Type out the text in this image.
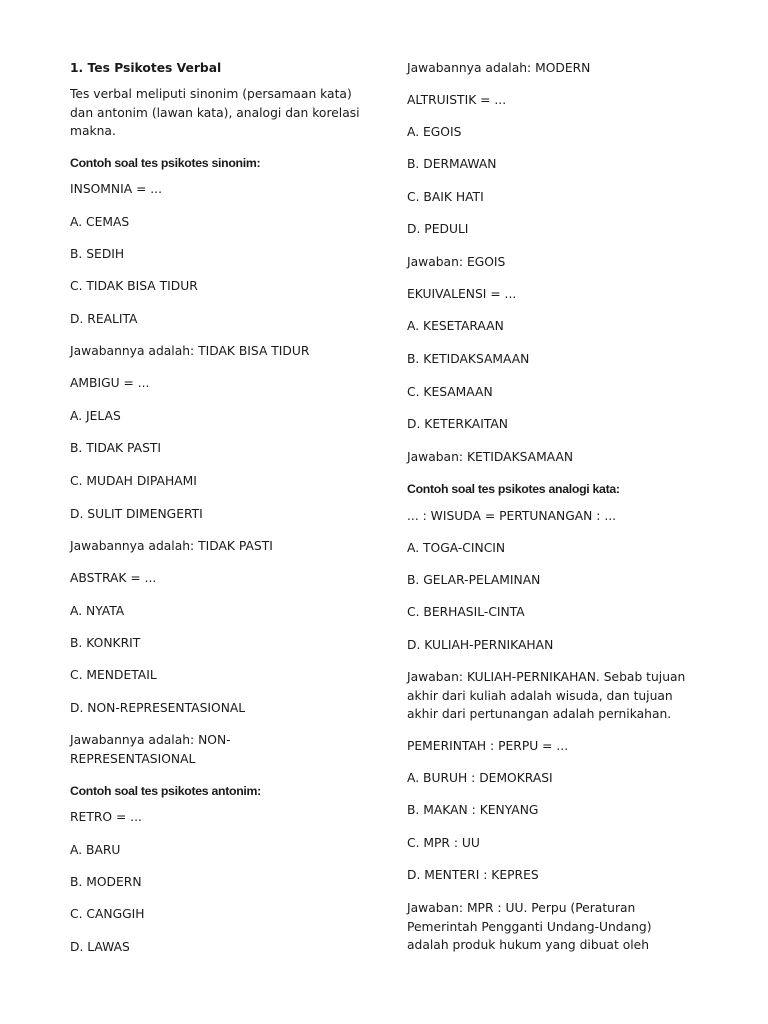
1. Tes Psikotes Verbal
Tes verbal meliputi sinonim (persamaan kata) dan antonim (lawan kata), analogi dan korelasi makna.
Contoh soal tes psikotes sinonim:
INSOMNIA = ...
A. CEMAS
B. SEDIH
C. TIDAK BISA TIDUR
D. REALITA
Jawabannya adalah: TIDAK BISA TIDUR
AMBIGU = ...
A. JELAS
B. TIDAK PASTI
C. MUDAH DIPAHAMI
D. SULIT DIMENGERTI
Jawabannya adalah: TIDAK PASTI
ABSTRAK = ...
A. NYATA
B. KONKRIT
C. MENDETAIL
D. NON-REPRESENTASIONAL
Jawabannya adalah: NON-REPRESENTASIONAL
Contoh soal tes psikotes antonim:
RETRO = ...
A. BARU
B. MODERN
C. CANGGIH
D. LAWAS
Jawabannya adalah: MODERN
ALTRUISTIK = ...
A. EGOIS
B. DERMAWAN
C. BAIK HATI
D. PEDULI
Jawaban: EGOIS
EKUIVALENSI = ...
A. KESETARAAN
B. KETIDAKSAMAAN
C. KESAMAAN
D. KETERKAITAN
Jawaban: KETIDAKSAMAAN
Contoh soal tes psikotes analogi kata:
... : WISUDA = PERTUNANGAN : ...
A. TOGA-CINCIN
B. GELAR-PELAMINAN
C. BERHASIL-CINTA
D. KULIAH-PERNIKAHAN
Jawaban: KULIAH-PERNIKAHAN. Sebab tujuan akhir dari kuliah adalah wisuda, dan tujuan akhir dari pertunangan adalah pernikahan.
PEMERINTAH : PERPU = ...
A. BURUH : DEMOKRASI
B. MAKAN : KENYANG
C. MPR : UU
D. MENTERI : KEPRES
Jawaban: MPR : UU. Perpu (Peraturan Pemerintah Pengganti Undang-Undang) adalah produk hukum yang dibuat oleh
